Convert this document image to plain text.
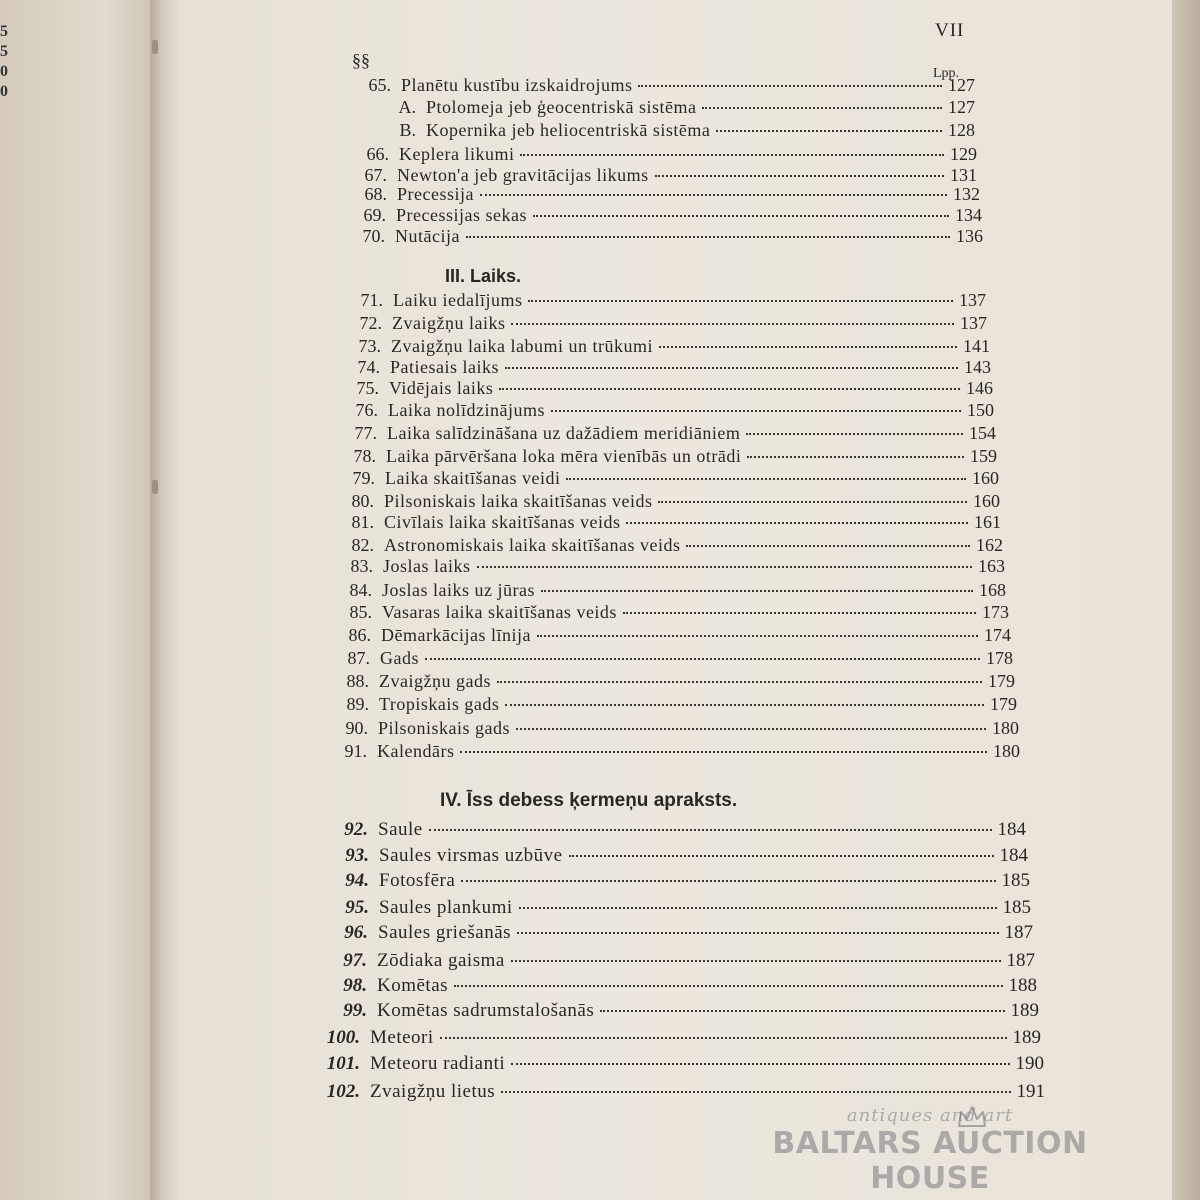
5
5
0
0
VII
§§
Lpp.
65. Planētu kustību izskaidrojums	127
A. Ptolomeja jeb ģeocentriskā sistēma	127
B. Kopernika jeb heliocentriskā sistēma	128
66. Keplera likumi	129
67. Newton'a jeb gravitācijas likums	131
68. Precessija	132
69. Precessijas sekas	134
70. Nutācija	136
III. Laiks.
71. Laiku iedalījums	137
72. Zvaigžņu laiks	137
73. Zvaigžņu laika labumi un trūkumi	141
74. Patiesais laiks	143
75. Vidējais laiks	146
76. Laika nolīdzinājums	150
77. Laika salīdzināšana uz dažādiem meridiāniem	154
78. Laika pārvēršana loka mēra vienībās un otrādi	159
79. Laika skaitīšanas veidi	160
80. Pilsoniskais laika skaitīšanas veids	160
81. Civīlais laika skaitīšanas veids	161
82. Astronomiskais laika skaitīšanas veids	162
83. Joslas laiks	163
84. Joslas laiks uz jūras	168
85. Vasaras laika skaitīšanas veids	173
86. Dēmarkācijas līnija	174
87. Gads	178
88. Zvaigžņu gads	179
89. Tropiskais gads	179
90. Pilsoniskais gads	180
91. Kalendārs	180
IV. Īss debess ķermeņu apraksts.
92. Saule	184
93. Saules virsmas uzbūve	184
94. Fotosfēra	185
95. Saules plankumi	185
96. Saules griešanās	187
97. Zōdiaka gaisma	187
98. Komētas	188
99. Komētas sadrumstalošanās	189
100. Meteori	189
101. Meteoru radianti	190
102. Zvaigžņu lietus	191
antiques and art
BALTARS AUCTION HOUSE
